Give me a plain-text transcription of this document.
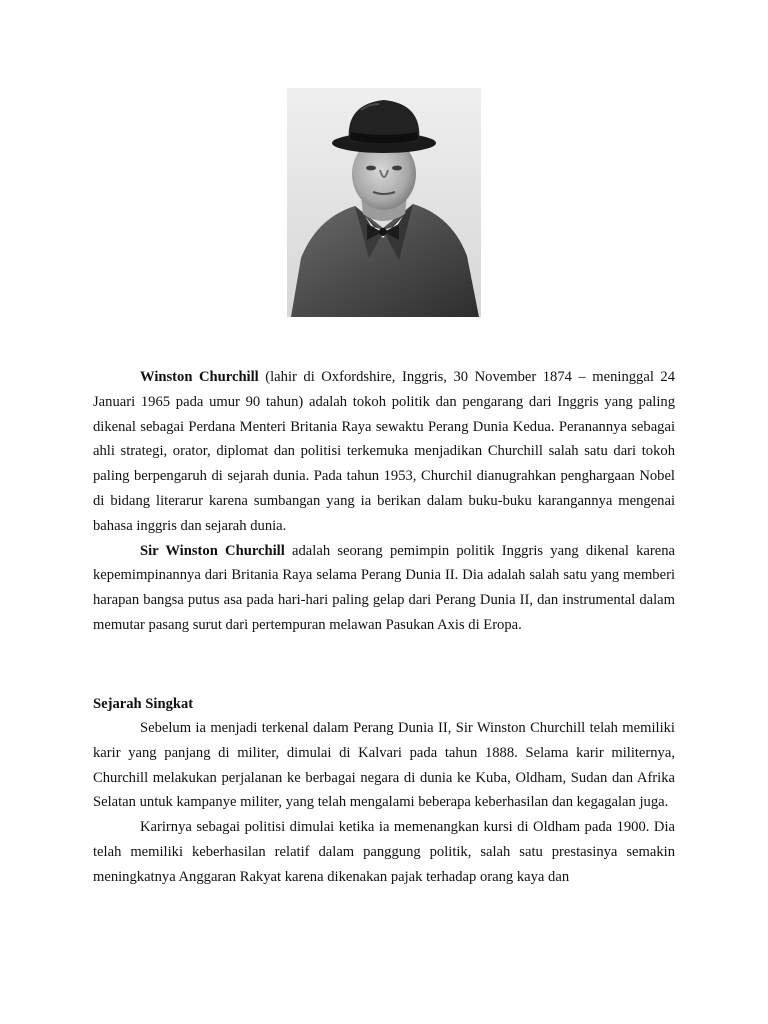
Winston Churchill (lahir di Oxfordshire, Inggris, 30 November 1874 – meninggal 24 Januari 1965 pada umur 90 tahun) adalah tokoh politik dan pengarang dari Inggris yang paling dikenal sebagai Perdana Menteri Britania Raya sewaktu Perang Dunia Kedua. Peranannya sebagai ahli strategi, orator, diplomat dan politisi terkemuka menjadikan Churchill salah satu dari tokoh paling berpengaruh di sejarah dunia. Pada tahun 1953, Churchil dianugrahkan penghargaan Nobel di bidang literarur karena sumbangan yang ia berikan dalam buku-buku karangannya mengenai bahasa inggris dan sejarah dunia.

Sir Winston Churchill adalah seorang pemimpin politik Inggris yang dikenal karena kepemimpinannya dari Britania Raya selama Perang Dunia II. Dia adalah salah satu yang memberi harapan bangsa putus asa pada hari-hari paling gelap dari Perang Dunia II, dan instrumental dalam memutar pasang surut dari pertempuran melawan Pasukan Axis di Eropa.

Sejarah Singkat

Sebelum ia menjadi terkenal dalam Perang Dunia II, Sir Winston Churchill telah memiliki karir yang panjang di militer, dimulai di Kalvari pada tahun 1888. Selama karir militernya, Churchill melakukan perjalanan ke berbagai negara di dunia ke Kuba, Oldham, Sudan dan Afrika Selatan untuk kampanye militer, yang telah mengalami beberapa keberhasilan dan kegagalan juga.

Karirnya sebagai politisi dimulai ketika ia memenangkan kursi di Oldham pada 1900. Dia telah memiliki keberhasilan relatif dalam panggung politik, salah satu prestasinya semakin meningkatnya Anggaran Rakyat karena dikenakan pajak terhadap orang kaya dan
